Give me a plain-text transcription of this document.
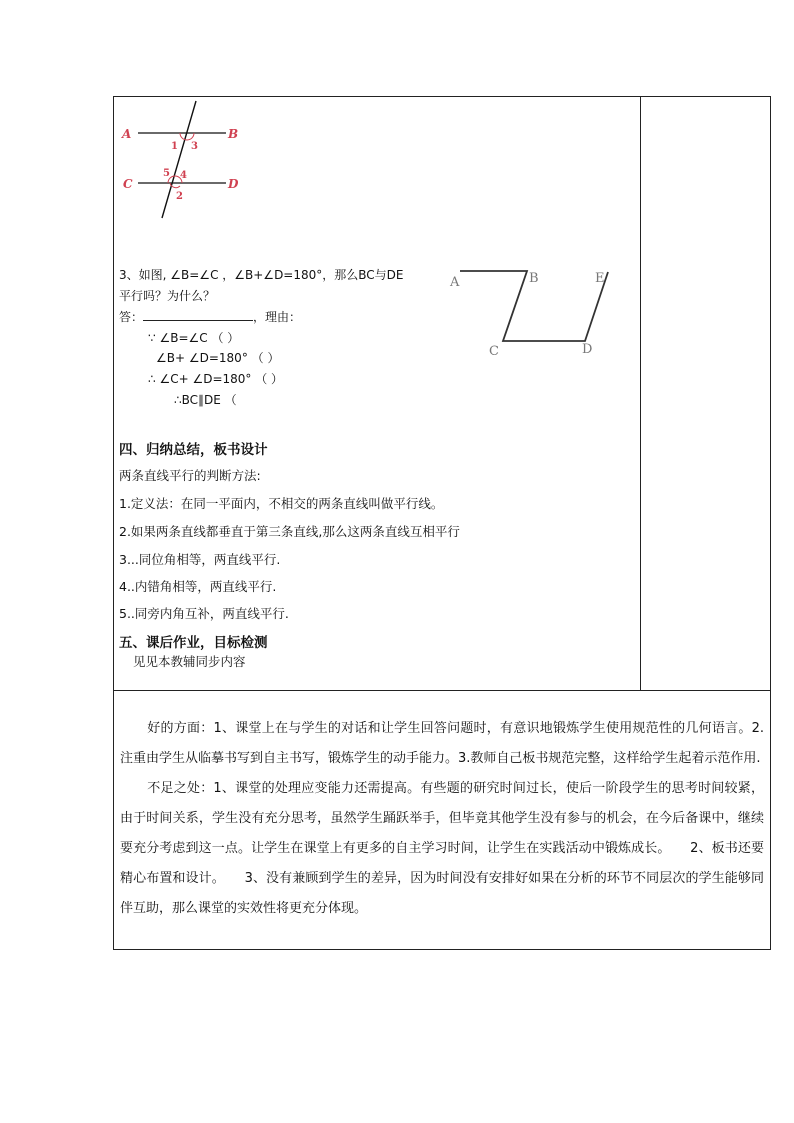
A	B
C	D
1 3
5 4
2
3、如图, ∠B=∠C ，∠B+∠D=180°，那么BC与DE
平行吗？为什么？
答：	，理由：
∵ ∠B=∠C （ ）
∠B+ ∠D=180° （ ）
∴ ∠C+ ∠D=180° （ ）
∴BC∥DE （
A	B
C	D
E
四、归纳总结，板书设计
两条直线平行的判断方法:
1.定义法：在同一平面内，不相交的两条直线叫做平行线。
2.如果两条直线都垂直于第三条直线,那么这两条直线互相平行
3...同位角相等，两直线平行.
4..内错角相等，两直线平行.
5..同旁内角互补，两直线平行.
五、课后作业，目标检测
见见本教辅同步内容

好的方面：1、课堂上在与学生的对话和让学生回答问题时，有意识地锻炼学生使用规范性的几何语言。2.注重由学生从临摹书写到自主书写，锻炼学生的动手能力。3.教师自己板书规范完整，这样给学生起着示范作用.

不足之处：1、课堂的处理应变能力还需提高。有些题的研究时间过长，使后一阶段学生的思考时间较紧，由于时间关系，学生没有充分思考，虽然学生踊跃举手，但毕竟其他学生没有参与的机会，在今后备课中，继续要充分考虑到这一点。让学生在课堂上有更多的自主学习时间，让学生在实践活动中锻炼成长。　　2、板书还要精心布置和设计。　　3、没有兼顾到学生的差异，因为时间没有安排好如果在分析的环节不同层次的学生能够同伴互助，那么课堂的实效性将更充分体现。
